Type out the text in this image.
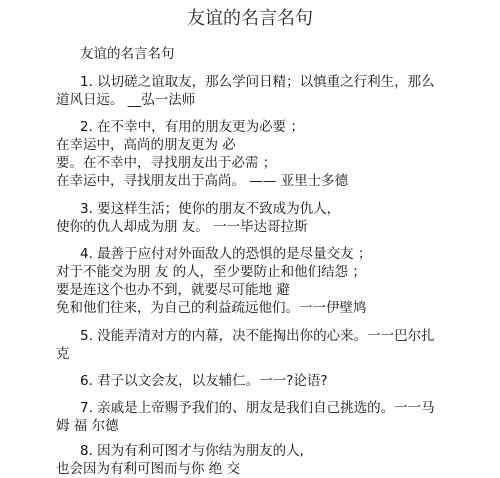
友谊的名言名句
友谊的名言名句
1. 以切磋之谊取友，那么学问日精；以慎重之行利生，那么
道风日远。 __弘一法师
2. 在不幸中，有用的朋友更为必要 ；
在幸运中，高尚的朋友更为 必
要。在不幸中，寻找朋友出于必需 ；
在幸运中，寻找朋友出于高尚。 —— 亚里士多德
3. 要这样生活；使你的朋友不致成为仇人，
使你的仇人却成为朋 友。 一一毕达哥拉斯
4. 最善于应付对外面敌人的恐惧的是尽量交友 ；
对于不能交为朋 友 的人，至少要防止和他们结怨 ；
要是连这个也办不到，就要尽可能地 避
免和他们往来，为自己的利益疏远他们。一一伊壁鸠
5. 没能弄清对方的内幕，决不能掏出你的心来。一一巴尔扎
克
6. 君子以文会友，以友辅仁。一一?论语?
7. 亲戚是上帝赐予我们的、朋友是我们自己挑选的。一一马
姆 福 尔德
8. 因为有利可图才与你结为朋友的人,
也会因为有利可图而与你 绝 交
